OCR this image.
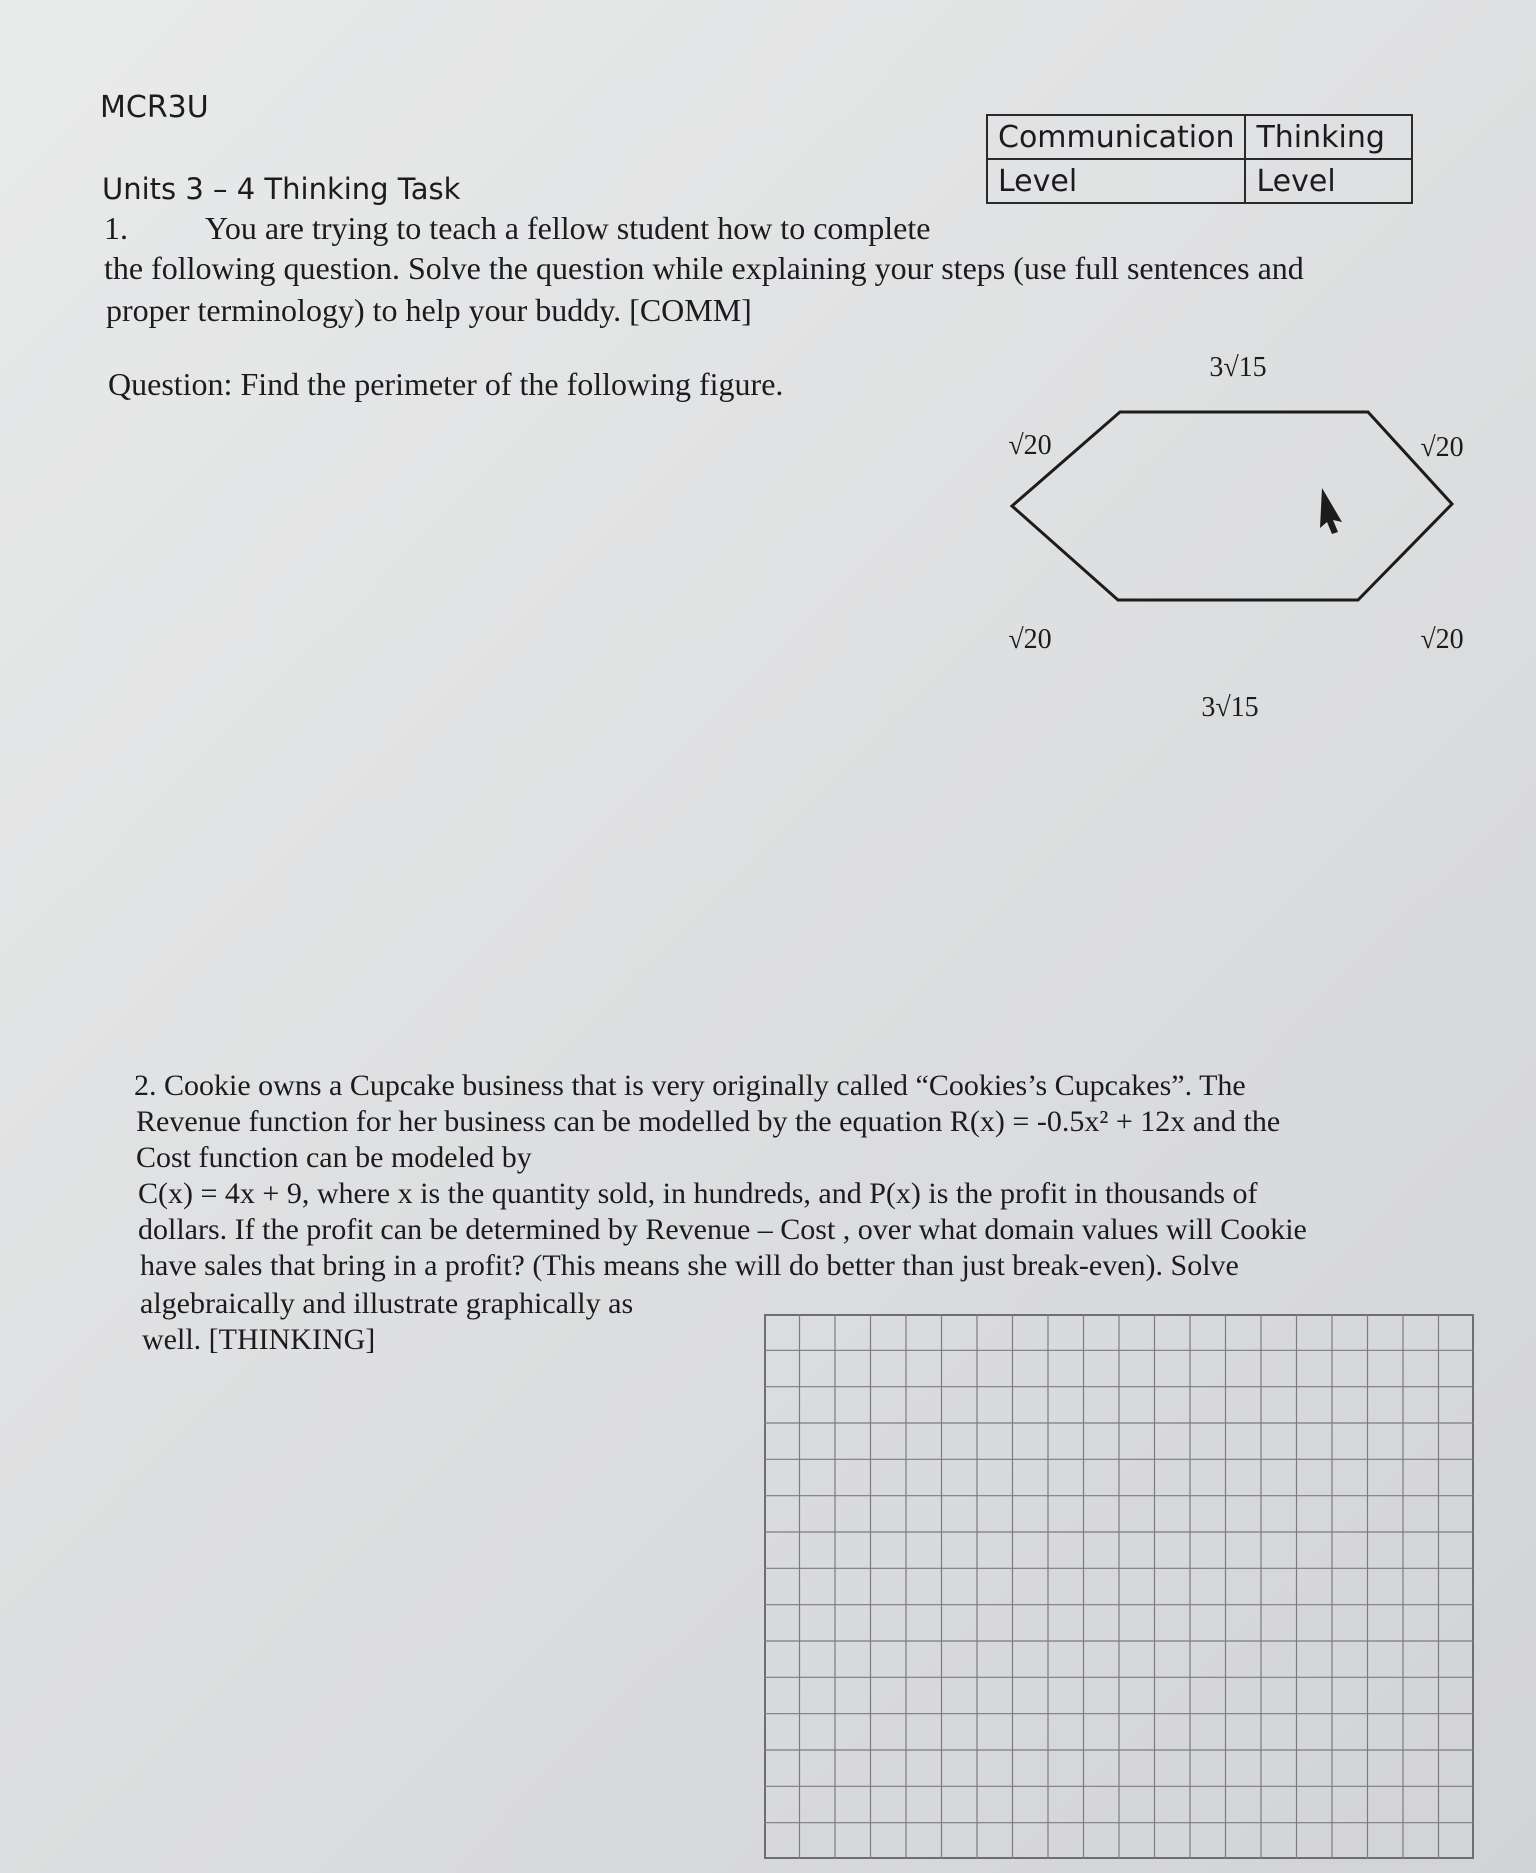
MCR3U
Communication	Thinking
Level	Level
Units 3 – 4 Thinking Task
1. You are trying to teach a fellow student how to complete
the following question. Solve the question while explaining your steps (use full sentences and
proper terminology) to help your buddy. [COMM]
Question: Find the perimeter of the following figure.	3√15
3√15
√20	√20
√20	√20
2. Cookie owns a Cupcake business that is very originally called “Cookies’s Cupcakes”. The
Revenue function for her business can be modelled by the equation R(x) = -0.5x² + 12x and the
Cost function can be modeled by
C(x) = 4x + 9, where x is the quantity sold, in hundreds, and P(x) is the profit in thousands of
dollars. If the profit can be determined by Revenue – Cost , over what domain values will Cookie
have sales that bring in a profit? (This means she will do better than just break-even). Solve
algebraically and illustrate graphically as
well. [THINKING]
